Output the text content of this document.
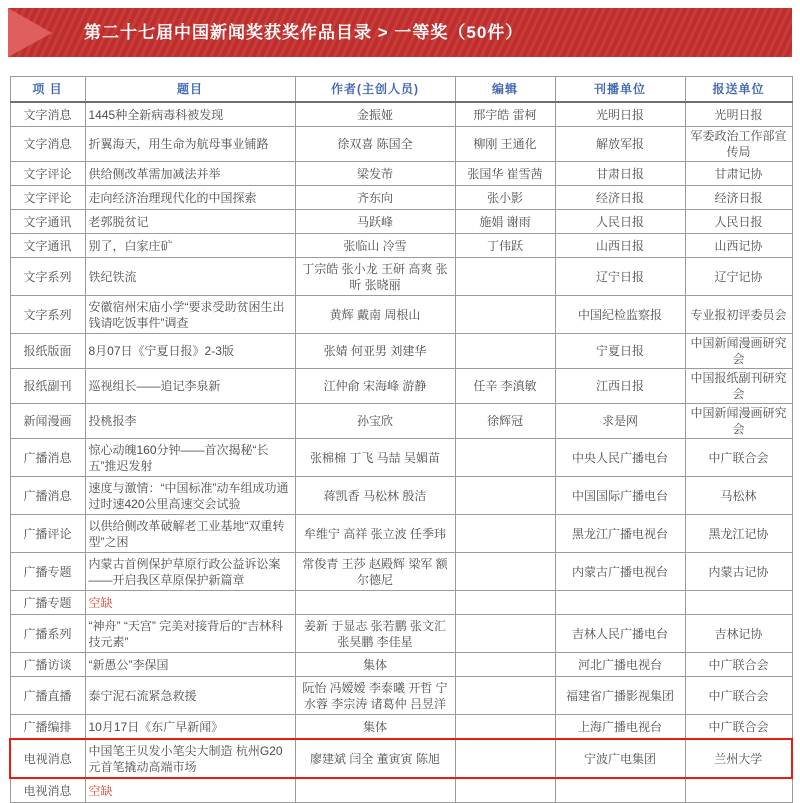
第二十七届中国新闻奖获奖作品目录 > 一等奖（50件）
项 目	题目	作者(主创人员)	编辑	刊播单位	报送单位
文字消息	1445种全新病毒科被发现	金振娅	邢宇皓 雷柯	光明日报	光明日报
文字消息	折翼海天，用生命为航母事业铺路	徐双喜 陈国全	柳刚 王通化	解放军报	军委政治工作部宣传局
文字评论	供给侧改革需加减法并举	梁发芾	张国华 崔雪茜	甘肃日报	甘肃记协
文字评论	走向经济治理现代化的中国探索	齐东向	张小影	经济日报	经济日报
文字通讯	老郭脱贫记	马跃峰	施娟 谢雨	人民日报	人民日报
文字通讯	别了，白家庄矿	张临山 冷雪	丁伟跃	山西日报	山西记协
文字系列	铁纪铁流	丁宗皓 张小龙 王研 高爽 张昕 张晓丽		辽宁日报	辽宁记协
文字系列	安徽宿州宋庙小学“要求受助贫困生出钱请吃饭事件”调查	黄辉 戴南 周根山		中国纪检监察报	专业报初评委员会
报纸版面	8月07日《宁夏日报》2-3版	张婧 何亚男 刘建华		宁夏日报	中国新闻漫画研究会
报纸副刊	巡视组长——追记李泉新	江仲俞 宋海峰 游静	任辛 李滇敏	江西日报	中国报纸副刊研究会
新闻漫画	投桃报李	孙宝欣	徐辉冠	求是网	中国新闻漫画研究会
广播消息	惊心动魄160分钟——首次揭秘“长五”推迟发射	张棉棉 丁飞 马喆 吴媚苗		中央人民广播电台	中广联合会
广播消息	速度与激情：“中国标准”动车组成功通过时速420公里高速交会试验	蒋凯香 马松林 殷洁		中国国际广播电台	马松林
广播评论	以供给侧改革破解老工业基地“双重转型”之困	牟维宁 高祥 张立波 任季玮		黑龙江广播电视台	黑龙江记协
广播专题	内蒙古首例保护草原行政公益诉讼案 ——开启我区草原保护新篇章	常俊青 王莎 赵殿辉 梁军 额尔德尼		内蒙古广播电视台	内蒙古记协
广播专题	空缺				
广播系列	“神舟” “天宫” 完美对接背后的“吉林科技元素”	姜新 于显志 张若鹏 张文汇 张昊鹏 李佳星		吉林人民广播电台	吉林记协
广播访谈	“新愚公”李保国	集体		河北广播电视台	中广联合会
广播直播	泰宁泥石流紧急救援	阮怡 冯嫒嫒 李泰曦 开哲 宁水蓉 李宗涛 诸葛仲 吕昱洋		福建省广播影视集团	中广联合会
广播编排	10月17日《东广早新闻》	集体		上海广播电视台	中广联合会
电视消息	中国笔王贝发小笔尖大制造 杭州G20元首笔撬动高端市场	廖建斌 闫全 董寅寅 陈旭		宁波广电集团	兰州大学
电视消息	空缺				
